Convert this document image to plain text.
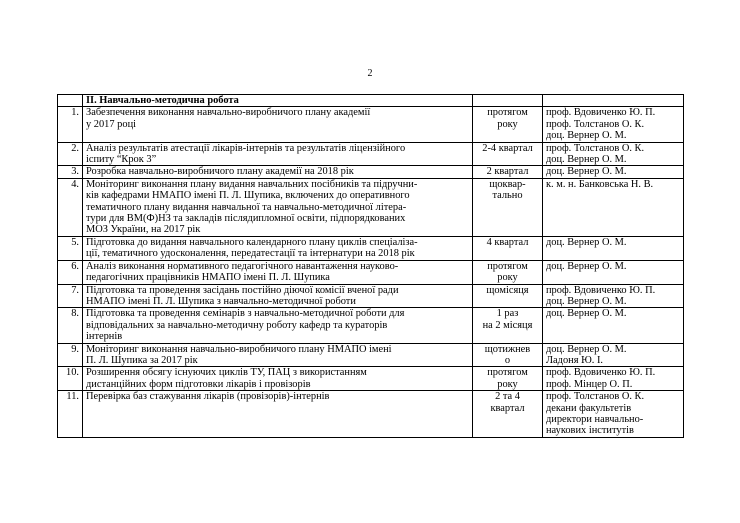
2
	ІІ. Навчально-методична робота		
1.	Забезпечення виконання навчально-виробничого плану академії
у 2017 році	протягом
року	проф. Вдовиченко Ю. П.
проф. Толстанов О. К.
доц. Вернер О. М.

2.	Аналіз результатів атестації лікарів-інтернів та результатів ліцензійного
іспиту “Крок 3”	2-4 квартал	проф. Толстанов О. К.
доц. Вернер О. М.

3.	Розробка навчально-виробничого плану академії на 2018 рік	2 квартал	доц. Вернер О. М.

4.	Моніторинг виконання плану видання навчальних посібників та підручни-
ків кафедрами НМАПО імені П. Л. Шупика, включених до оперативного
тематичного плану видання навчальної та навчально-методичної літера-
тури для ВМ(Ф)НЗ та закладів післядипломної освіти, підпорядкованих
МОЗ України, на 2017 рік	щоквар-
тально	к. м. н. Банковська Н. В.

5.	Підготовка до видання навчального календарного плану циклів спеціаліза-
ції, тематичного удосконалення, передатестації та інтернатури на 2018 рік	4 квартал	доц. Вернер О. М.

6.	Аналіз виконання нормативного педагогічного навантаження науково-
педагогічних працівників НМАПО імені П. Л. Шупика	протягом
року	доц. Вернер О. М.

7.	Підготовка та проведення засідань постійно діючої комісії вченої ради
НМАПО імені П. Л. Шупика з навчально-методичної роботи	щомісяця	проф. Вдовиченко Ю. П.
доц. Вернер О. М.

8.	Підготовка та проведення семінарів з навчально-методичної роботи для
відповідальних за навчально-методичну роботу кафедр та кураторів
інтернів	1 раз
на 2 місяця	доц. Вернер О. М.

9.	Моніторинг виконання навчально-виробничого плану НМАПО імені
П. Л. Шупика за 2017 рік	щотижнев
о	доц. Вернер О. М.
Ладоня Ю. І.

10.	Розширення обсягу існуючих циклів ТУ, ПАЦ з використанням
дистанційних форм підготовки лікарів і провізорів	протягом
року	проф. Вдовиченко Ю. П.
проф. Мінцер О. П.

11.	Перевірка баз стажування лікарів (провізорів)-інтернів	2 та 4
квартал	проф. Толстанов О. К.
декани факультетів
директори навчально-
наукових інститутів
